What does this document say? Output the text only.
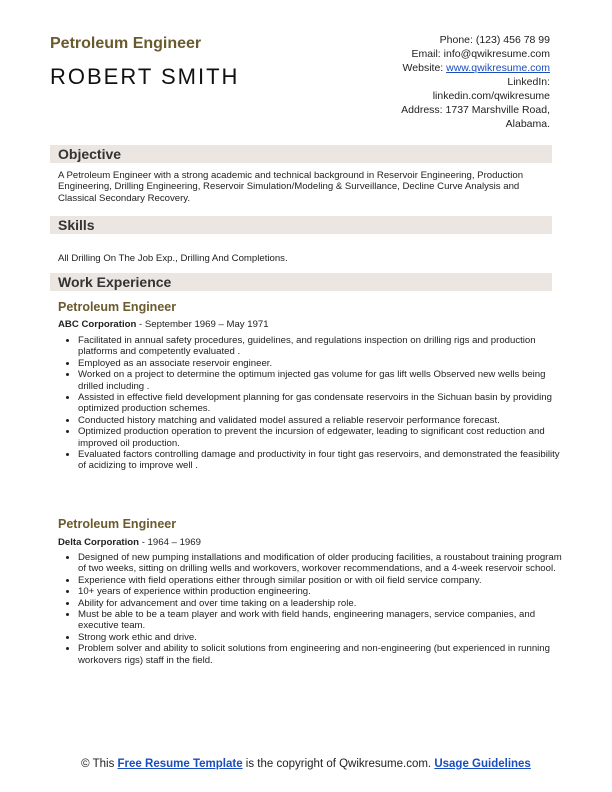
Petroleum Engineer
ROBERT SMITH
Phone: (123) 456 78 99
Email: info@qwikresume.com
Website: www.qwikresume.com
LinkedIn:
linkedin.com/qwikresume
Address: 1737 Marshville Road,
Alabama.
Objective
A Petroleum Engineer with a strong academic and technical background in Reservoir Engineering, Production Engineering, Drilling Engineering, Reservoir Simulation/Modeling & Surveillance, Decline Curve Analysis and Classical Secondary Recovery.
Skills
All Drilling On The Job Exp., Drilling And Completions.
Work Experience
Petroleum Engineer
ABC Corporation - September 1969 – May 1971
• Facilitated in annual safety procedures, guidelines, and regulations inspection on drilling rigs and production platforms and competently evaluated .
• Employed as an associate reservoir engineer.
• Worked on a project to determine the optimum injected gas volume for gas lift wells Observed new wells being drilled including .
• Assisted in effective field development planning for gas condensate reservoirs in the Sichuan basin by providing optimized production schemes.
• Conducted history matching and validated model assured a reliable reservoir performance forecast.
• Optimized production operation to prevent the incursion of edgewater, leading to significant cost reduction and improved oil production.
• Evaluated factors controlling damage and productivity in four tight gas reservoirs, and demonstrated the feasibility of acidizing to improve well .
Petroleum Engineer
Delta Corporation - 1964 – 1969
• Designed of new pumping installations and modification of older producing facilities, a roustabout training program of two weeks, sitting on drilling wells and workovers, workover recommendations, and a 4-week reservoir school.
• Experience with field operations either through similar position or with oil field service company.
• 10+ years of experience within production engineering.
• Ability for advancement and over time taking on a leadership role.
• Must be able to be a team player and work with field hands, engineering managers, service companies, and executive team.
• Strong work ethic and drive.
• Problem solver and ability to solicit solutions from engineering and non-engineering (but experienced in running workovers rigs) staff in the field.
© This Free Resume Template is the copyright of Qwikresume.com. Usage Guidelines
